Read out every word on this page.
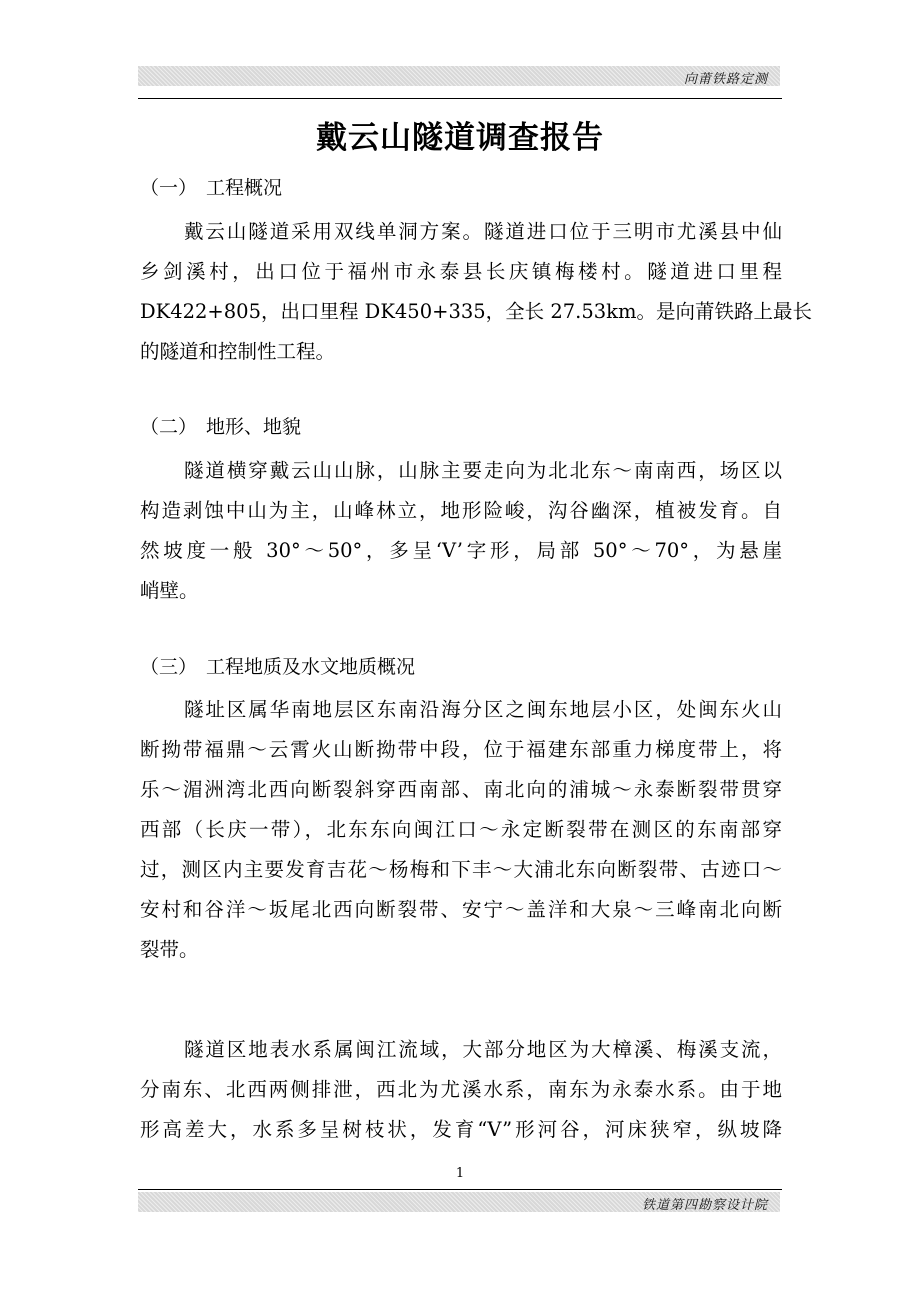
向莆铁路定测
戴云山隧道调查报告
（一） 工程概况
戴云山隧道采用双线单洞方案。隧道进口位于三明市尤溪县中仙
乡剑溪村，出口位于福州市永泰县长庆镇梅楼村。隧道进口里程
DK422+805，出口里程 DK450+335，全长 27.53km。是向莆铁路上最长
的隧道和控制性工程。
（二） 地形、地貌
隧道横穿戴云山山脉，山脉主要走向为北北东～南南西，场区以
构造剥蚀中山为主，山峰林立，地形险峻，沟谷幽深，植被发育。自
然坡度一般 30°～50°，多呈‘V’字形，局部 50°～70°，为悬崖
峭壁。
（三） 工程地质及水文地质概况
隧址区属华南地层区东南沿海分区之闽东地层小区，处闽东火山
断拗带福鼎～云霄火山断拗带中段，位于福建东部重力梯度带上，将
乐～湄洲湾北西向断裂斜穿西南部、南北向的浦城～永泰断裂带贯穿
西部（长庆一带），北东东向闽江口～永定断裂带在测区的东南部穿
过，测区内主要发育吉花～杨梅和下丰～大浦北东向断裂带、古迹口～
安村和谷洋～坂尾北西向断裂带、安宁～盖洋和大泉～三峰南北向断
裂带。
隧道区地表水系属闽江流域，大部分地区为大樟溪、梅溪支流，
分南东、北西两侧排泄，西北为尤溪水系，南东为永泰水系。由于地
形高差大，水系多呈树枝状，发育“V”形河谷，河床狭窄，纵坡降
1
铁道第四勘察设计院
